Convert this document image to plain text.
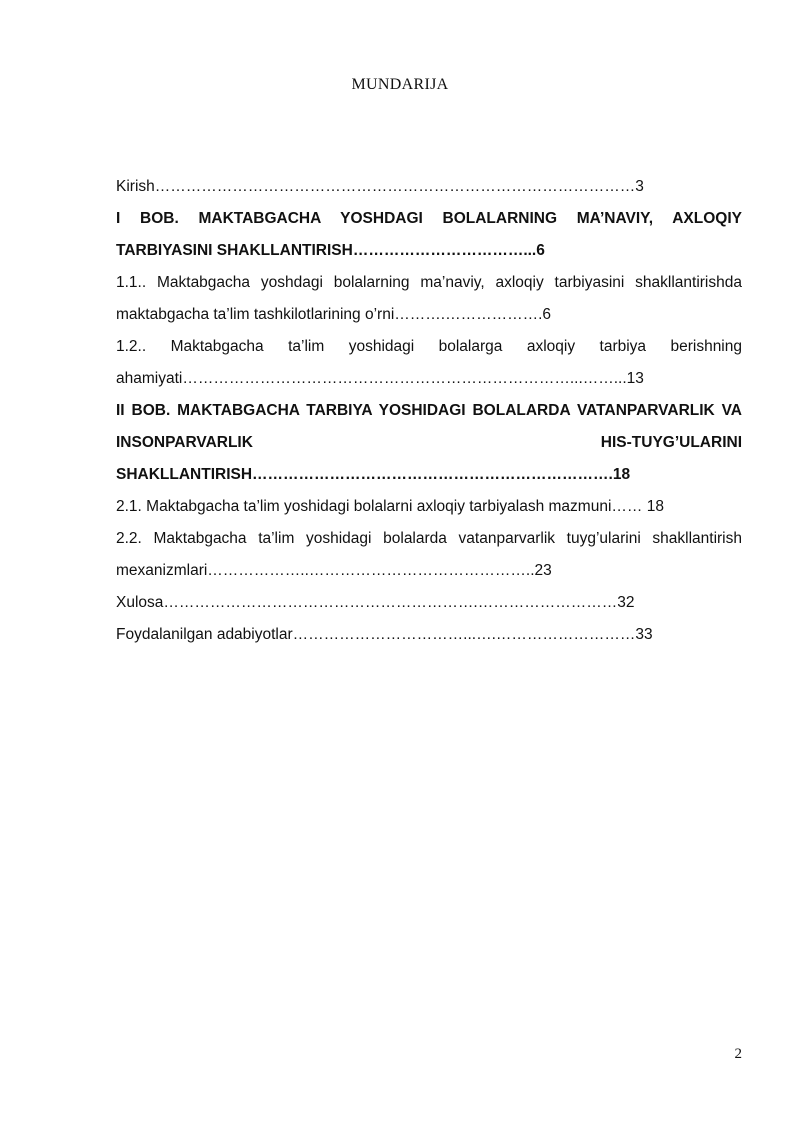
MUNDARIJA

Kirish…………………………………………………………………………………3

I BOB. MAKTABGACHA YOSHDAGI BOLALARNING MA’NAVIY, AXLOQIY TARBIYASINI SHAKLLANTIRISH……………………………...6

1.1.. Maktabgacha yoshdagi bolalarning ma’naviy, axloqiy tarbiyasini shakllantirishda maktabgacha ta’lim tashkilotlarining o’rni……….……………….6

1.2.. Maktabgacha ta’lim yoshidagi bolalarga axloqiy tarbiya berishning ahamiyati…………………………………………………………………...……...13

II BOB. MAKTABGACHA TARBIYA YOSHIDAGI BOLALARDA VATANPARVARLIK VA INSONPARVARLIK HIS-TUYG’ULARINI SHAKLLANTIRISH…………………………………………………………….18

2.1. Maktabgacha ta’lim yoshidagi bolalarni axloqiy tarbiyalash mazmuni…… 18

2.2. Maktabgacha ta’lim yoshidagi bolalarda vatanparvarlik tuyg’ularini shakllantirish mexanizmlari………………..……………………………………..23

Xulosa…………………………………………………….………………………32

Foydalanilgan adabiyotlar……………………………...….………………………33

2
